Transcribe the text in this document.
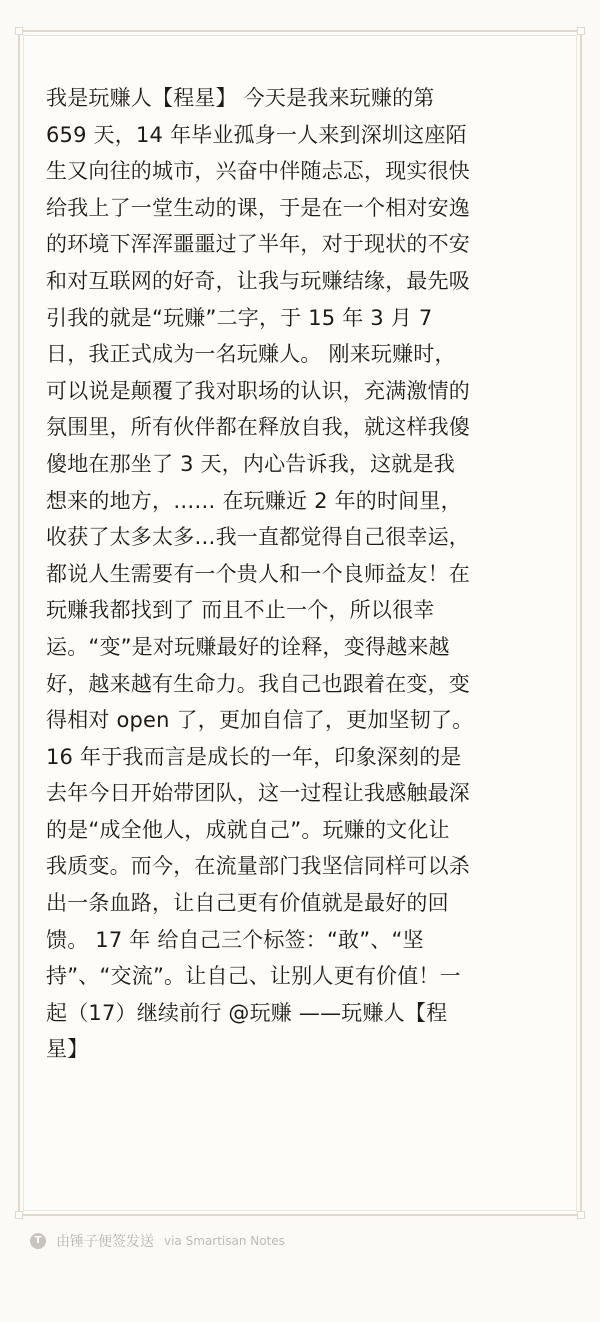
我是玩赚人【程星】 今天是我来玩赚的第
659 天，14 年毕业孤身一人来到深圳这座陌
生又向往的城市，兴奋中伴随忐忑，现实很快
给我上了一堂生动的课，于是在一个相对安逸
的环境下浑浑噩噩过了半年，对于现状的不安
和对互联网的好奇，让我与玩赚结缘，最先吸
引我的就是“玩赚”二字，于 15 年 3 月 7
日，我正式成为一名玩赚人。 刚来玩赚时，
可以说是颠覆了我对职场的认识，充满激情的
氛围里，所有伙伴都在释放自我，就这样我傻
傻地在那坐了 3 天，内心告诉我，这就是我
想来的地方，…… 在玩赚近 2 年的时间里，
收获了太多太多…我一直都觉得自己很幸运，
都说人生需要有一个贵人和一个良师益友！在
玩赚我都找到了 而且不止一个，所以很幸
运。“变”是对玩赚最好的诠释，变得越来越
好，越来越有生命力。我自己也跟着在变，变
得相对 open 了，更加自信了，更加坚韧了。
16 年于我而言是成长的一年，印象深刻的是
去年今日开始带团队，这一过程让我感触最深
的是“成全他人，成就自己”。玩赚的文化让
我质变。而今，在流量部门我坚信同样可以杀
出一条血路，让自己更有价值就是最好的回
馈。 17 年 给自己三个标签：“敢”、“坚
持”、“交流”。让自己、让别人更有价值！一
起（17）继续前行 @玩赚 ——玩赚人【程
星】
T	由锤子便签发送 via Smartisan Notes
